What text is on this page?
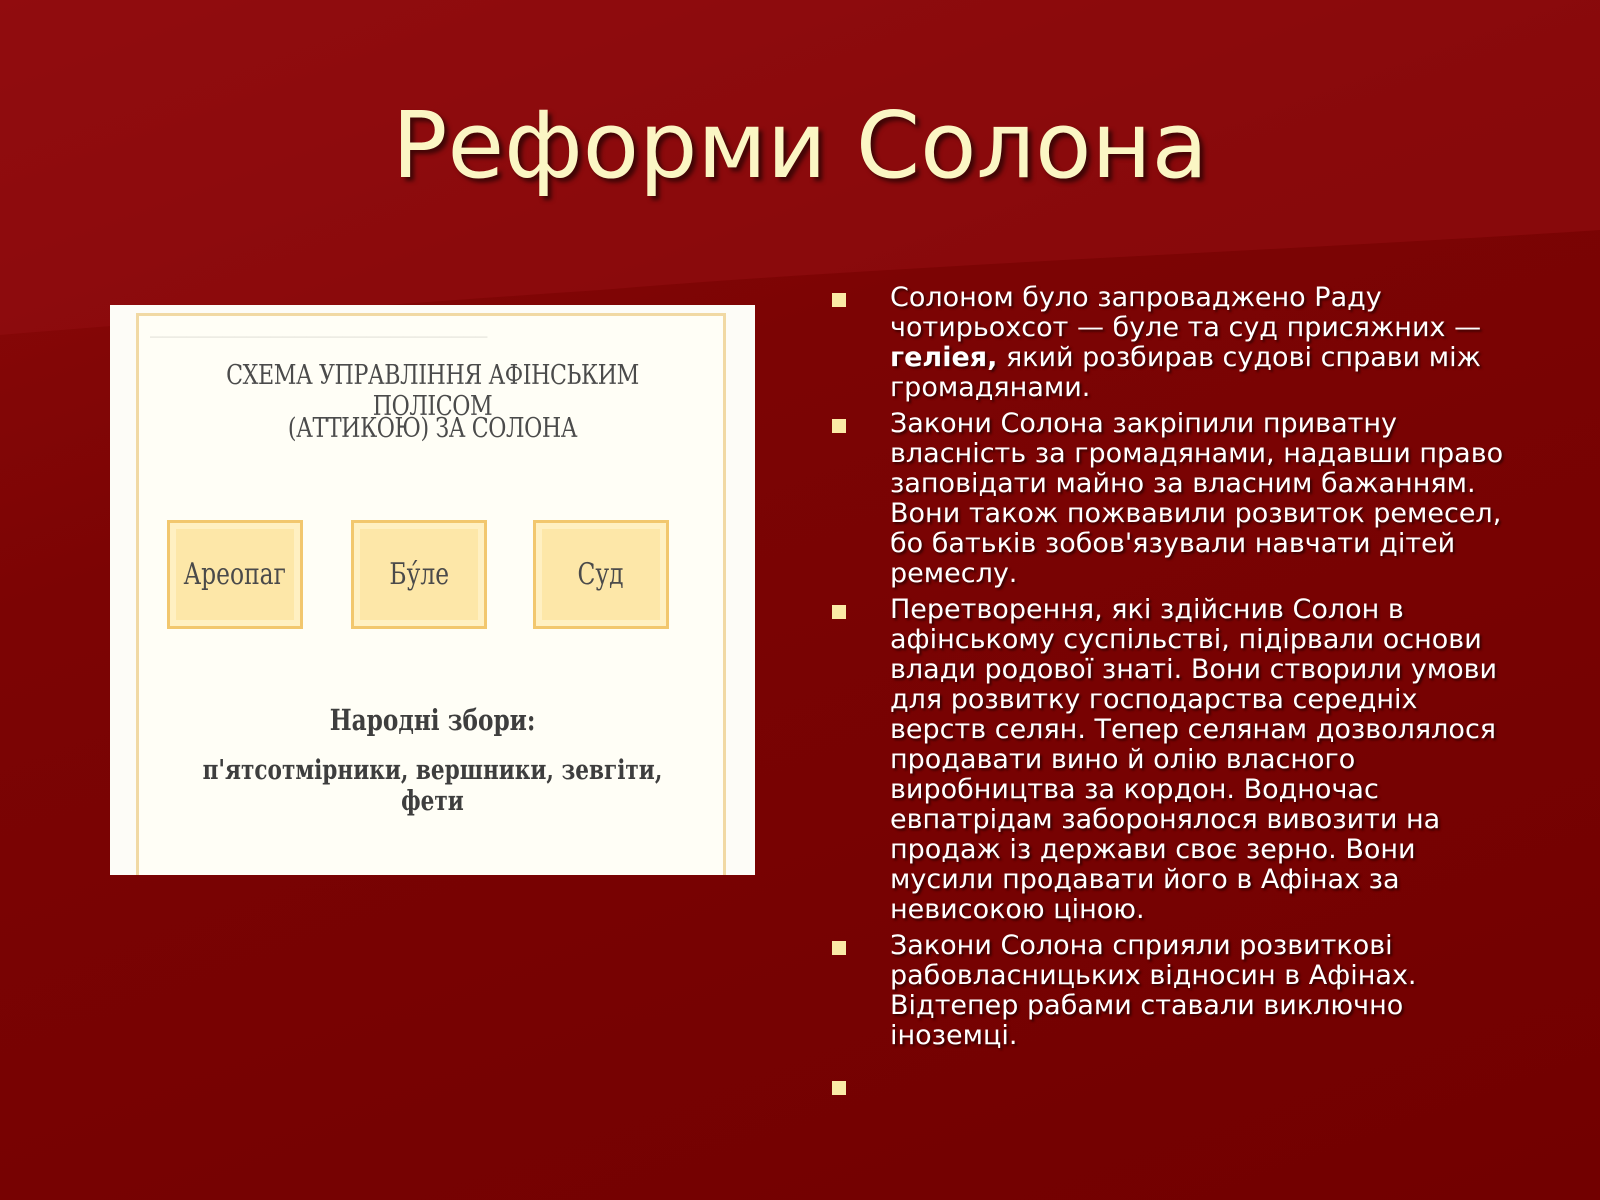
Реформи Солона
────────────────────────────
СХЕМА УПРАВЛІННЯ АФІНСЬКИМ ПОЛІСОМ
(АТТИКОЮ) ЗА СОЛОНА
Ареопаг	Бу́ле	Суд
Народні збори:
п'ятсотмірники, вершники, зевгіти, фети
Солоном було запроваджено Раду чотирьохсот — буле та суд присяжних — геліея, який розбирав судові справи між громадянами.
Закони Солона закріпили приватну власність за громадянами, надавши право заповідати майно за власним бажанням. Вони також пожвавили розвиток ремесел, бо батьків зобов'язували навчати дітей ремеслу.
Перетворення, які здійснив Солон в афінському суспільстві, підірвали основи влади родової знаті. Вони створили умови для розвитку господарства середніх верств селян. Тепер селянам дозволялося продавати вино й олію власного виробництва за кордон. Водночас евпатрідам заборонялося вивозити на продаж із держави своє зерно. Вони мусили продавати його в Афінах за невисокою ціною.
Закони Солона сприяли розвиткові рабовласницьких відносин в Афінах. Відтепер рабами ставали виключно іноземці.
